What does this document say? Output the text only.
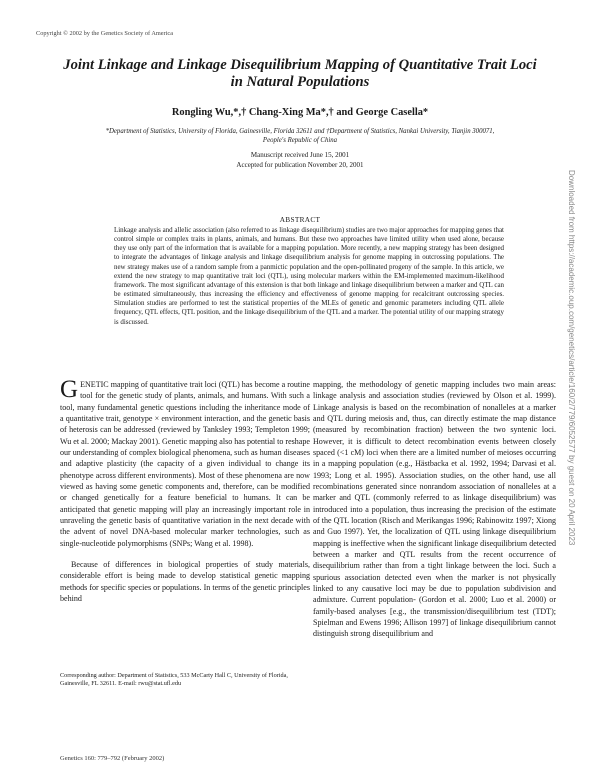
Copyright © 2002 by the Genetics Society of America
Joint Linkage and Linkage Disequilibrium Mapping of Quantitative Trait Loci in Natural Populations
Rongling Wu,*,† Chang-Xing Ma*,† and George Casella*
*Department of Statistics, University of Florida, Gainesville, Florida 32611 and †Department of Statistics, Nankai University, Tianjin 300071, People's Republic of China
Manuscript received June 15, 2001
Accepted for publication November 20, 2001
ABSTRACT
Linkage analysis and allelic association (also referred to as linkage disequilibrium) studies are two major approaches for mapping genes that control simple or complex traits in plants, animals, and humans. But these two approaches have limited utility when used alone, because they use only part of the information that is available for a mapping population. More recently, a new mapping strategy has been designed to integrate the advantages of linkage analysis and linkage disequilibrium analysis for genome mapping in outcrossing populations. The new strategy makes use of a random sample from a panmictic population and the open-pollinated progeny of the sample. In this article, we extend the new strategy to map quantitative trait loci (QTL), using molecular markers within the EM-implemented maximum-likelihood framework. The most significant advantage of this extension is that both linkage and linkage disequilibrium between a marker and QTL can be estimated simultaneously, thus increasing the efficiency and effectiveness of genome mapping for recalcitrant outcrossing species. Simulation studies are performed to test the statistical properties of the MLEs of genetic and genomic parameters including QTL allele frequency, QTL effects, QTL position, and the linkage disequilibrium of the QTL and a marker. The potential utility of our mapping strategy is discussed.

GENETIC mapping of quantitative trait loci (QTL) has become a routine tool for the genetic study of plants, animals, and humans. With such a tool, many fundamental genetic questions including the inheritance mode of a quantitative trait, genotype × environment interaction, and the genetic basis of heterosis can be addressed (reviewed by Tanksley 1993; Templeton 1999; Wu et al. 2000; Mackay 2001). Genetic mapping also has potential to reshape our understanding of complex biological phenomena, such as human diseases and adaptive plasticity (the capacity of a given individual to change its phenotype across different environments). Most of these phenomena are now viewed as having some genetic components and, therefore, can be modified or changed genetically for a feature beneficial to humans. It can be anticipated that genetic mapping will play an increasingly important role in unraveling the genetic basis of quantitative variation in the next decade with the advent of novel DNA-based molecular marker technologies, such as single-nucleotide polymorphisms (SNPs; Wang et al. 1998).

Because of differences in biological properties of study materials, considerable effort is being made to develop statistical genetic mapping methods for specific species or populations. In terms of the genetic principles behind

mapping, the methodology of genetic mapping includes two main areas: linkage analysis and association studies (reviewed by Olson et al. 1999). Linkage analysis is based on the recombination of nonalleles at a marker and QTL during meiosis and, thus, can directly estimate the map distance (measured by recombination fraction) between the two syntenic loci. However, it is difficult to detect recombination events between closely spaced (<1 cM) loci when there are a limited number of meioses occurring in a mapping population (e.g., Hästbacka et al. 1992, 1994; Darvasi et al. 1993; Long et al. 1995). Association studies, on the other hand, use all recombinations generated since nonrandom association of nonalleles at a marker and QTL (commonly referred to as linkage disequilibrium) was introduced into a population, thus increasing the precision of the estimate of the QTL location (Risch and Merikangas 1996; Rabinowitz 1997; Xiong and Guo 1997). Yet, the localization of QTL using linkage disequilibrium mapping is ineffective when the significant linkage disequilibrium detected between a marker and QTL results from the recent occurrence of disequilibrium rather than from a tight linkage between the loci. Such a spurious association detected even when the marker is not physically linked to any causative loci may be due to population subdivision and admixture. Current population- (Gordon et al. 2000; Luo et al. 2000) or family-based analyses [e.g., the transmission/disequilibrium test (TDT); Spielman and Ewens 1996; Allison 1997] of linkage disequilibrium cannot distinguish strong disequilibrium and

Corresponding author: Department of Statistics, 533 McCarty Hall C, University of Florida, Gainesville, FL 32611. E-mail: rwu@stat.ufl.edu
Genetics 160: 779–792 (February 2002)
Downloaded from https://academic.oup.com/genetics/article/160/2/779/6052577 by guest on 20 April 2023
